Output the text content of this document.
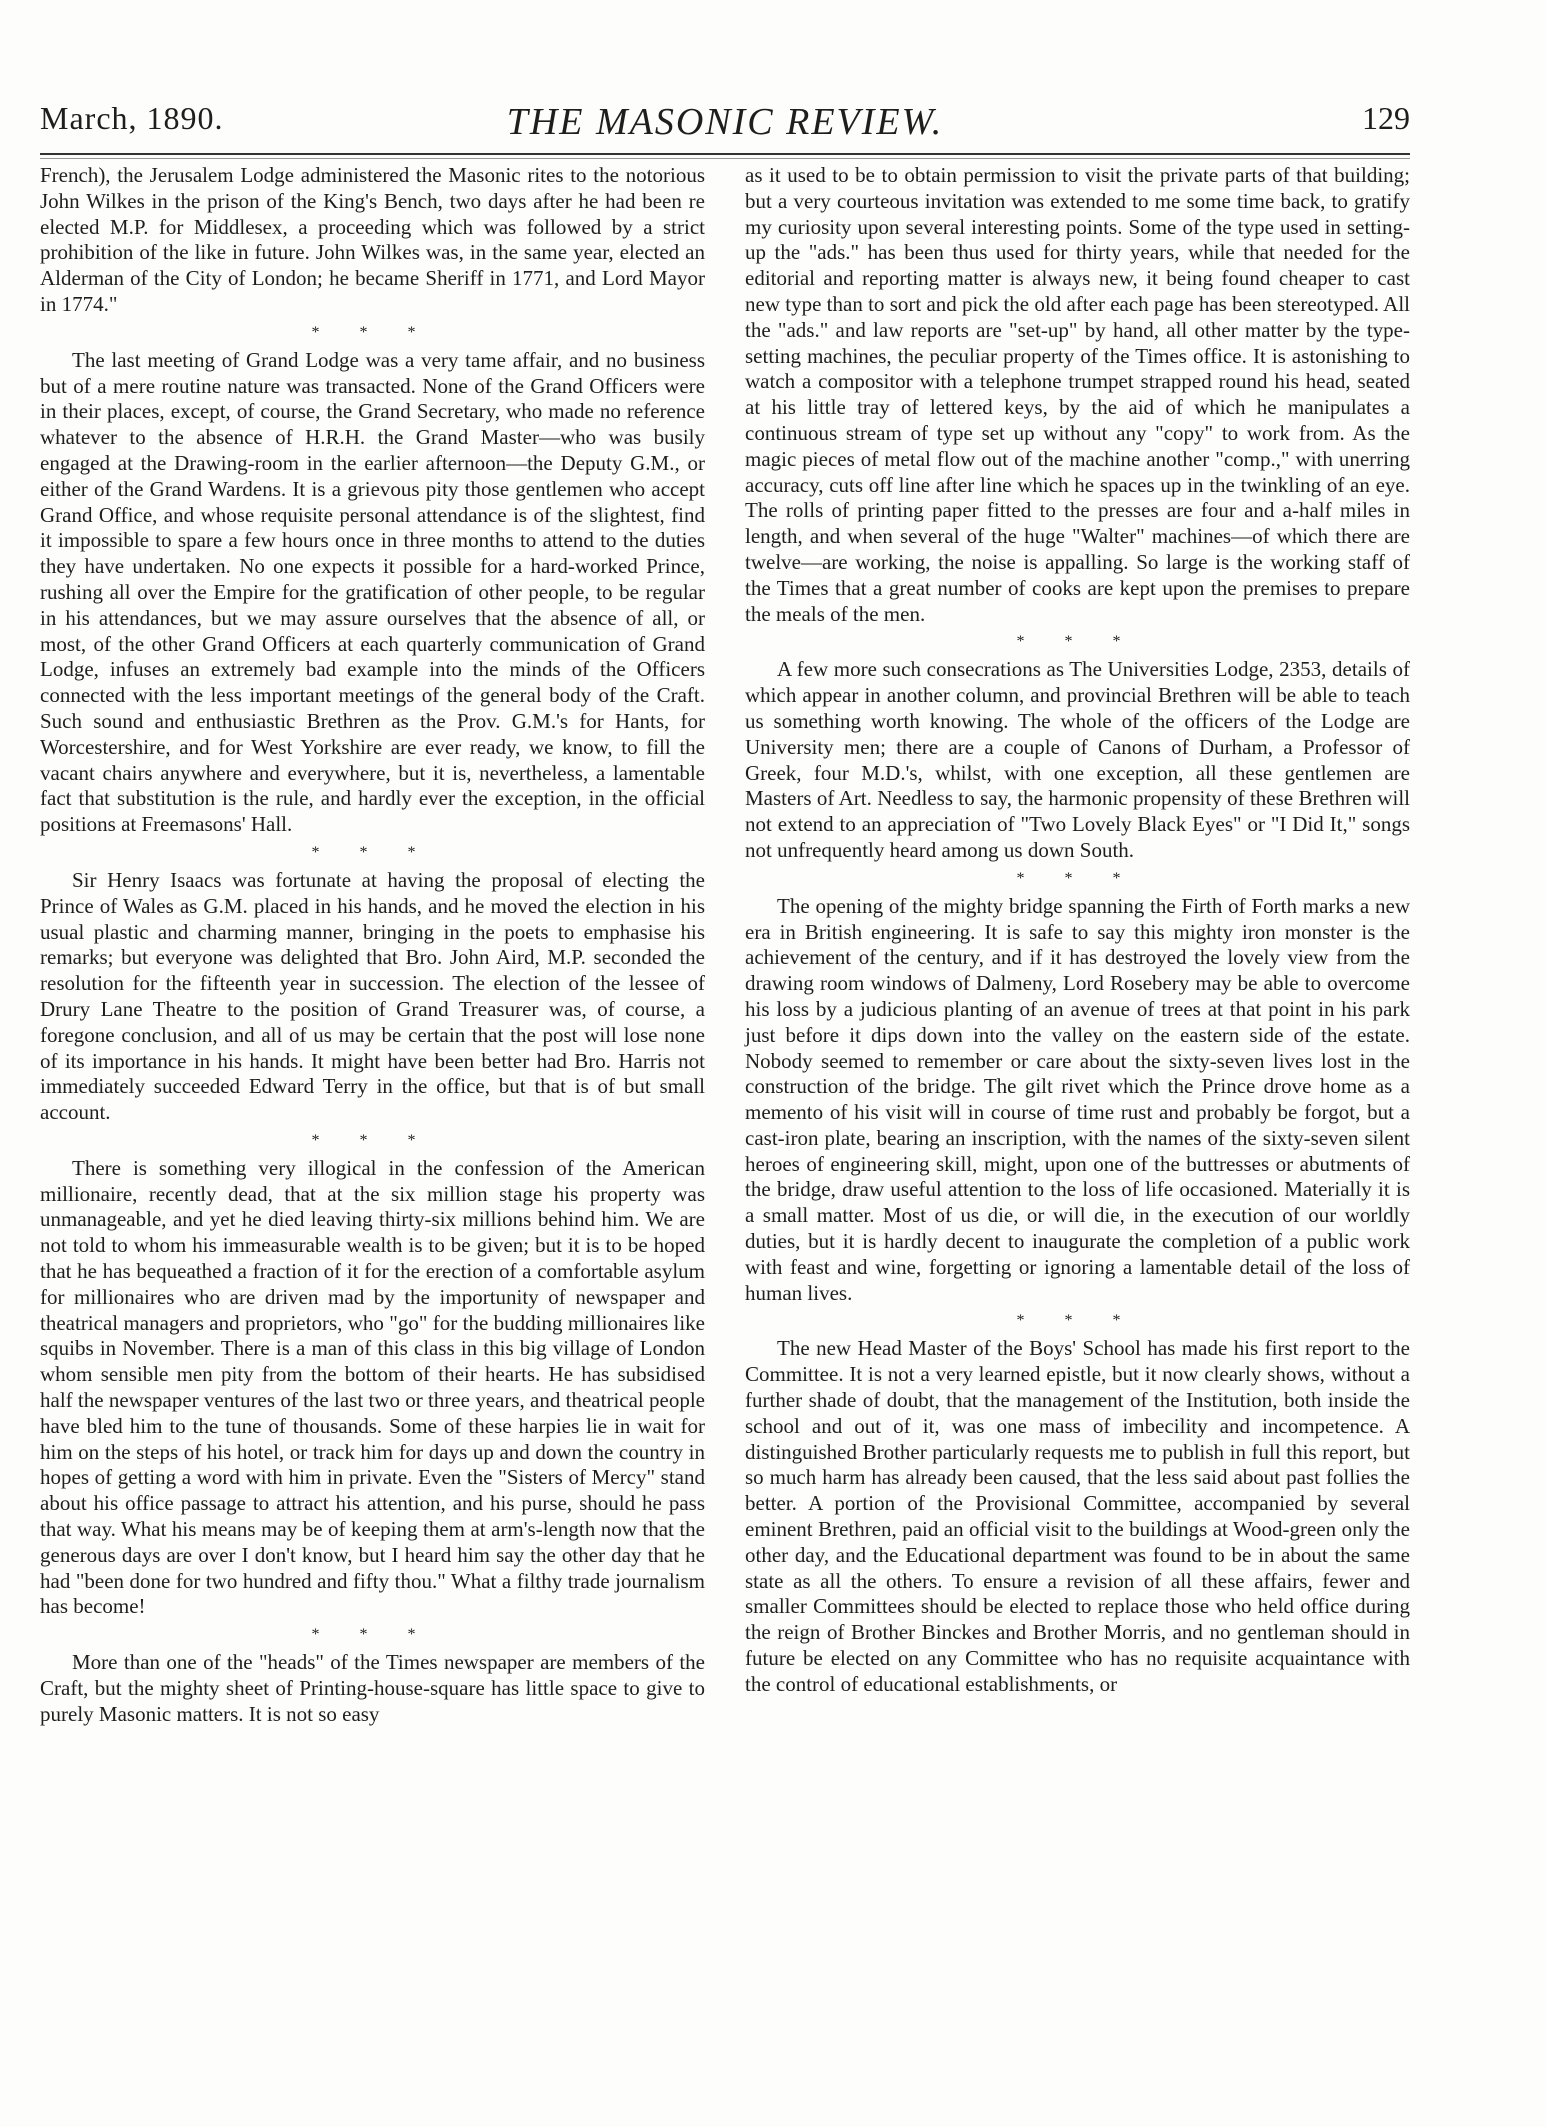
March, 1890.	THE MASONIC REVIEW.	129

French), the Jerusalem Lodge administered the Masonic rites to the notorious John Wilkes in the prison of the King's Bench, two days after he had been re elected M.P. for Middlesex, a proceeding which was followed by a strict prohibition of the like in future. John Wilkes was, in the same year, elected an Alderman of the City of London; he became Sheriff in 1771, and Lord Mayor in 1774."

* * *

The last meeting of Grand Lodge was a very tame affair, and no business but of a mere routine nature was transacted. None of the Grand Officers were in their places, except, of course, the Grand Secretary, who made no reference whatever to the absence of H.R.H. the Grand Master—who was busily engaged at the Drawing-room in the earlier afternoon—the Deputy G.M., or either of the Grand Wardens. It is a grievous pity those gentlemen who accept Grand Office, and whose requisite personal attendance is of the slightest, find it impossible to spare a few hours once in three months to attend to the duties they have undertaken. No one expects it possible for a hard-worked Prince, rushing all over the Empire for the gratification of other people, to be regular in his attendances, but we may assure ourselves that the absence of all, or most, of the other Grand Officers at each quarterly communication of Grand Lodge, infuses an extremely bad example into the minds of the Officers connected with the less important meetings of the general body of the Craft. Such sound and enthusiastic Brethren as the Prov. G.M.'s for Hants, for Worcestershire, and for West Yorkshire are ever ready, we know, to fill the vacant chairs anywhere and everywhere, but it is, nevertheless, a lamentable fact that substitution is the rule, and hardly ever the exception, in the official positions at Freemasons' Hall.

* * *

Sir Henry Isaacs was fortunate at having the proposal of electing the Prince of Wales as G.M. placed in his hands, and he moved the election in his usual plastic and charming manner, bringing in the poets to emphasise his remarks; but everyone was delighted that Bro. John Aird, M.P. seconded the resolution for the fifteenth year in succession. The election of the lessee of Drury Lane Theatre to the position of Grand Treasurer was, of course, a foregone conclusion, and all of us may be certain that the post will lose none of its importance in his hands. It might have been better had Bro. Harris not immediately succeeded Edward Terry in the office, but that is of but small account.

* * *

There is something very illogical in the confession of the American millionaire, recently dead, that at the six million stage his property was unmanageable, and yet he died leaving thirty-six millions behind him. We are not told to whom his immeasurable wealth is to be given; but it is to be hoped that he has bequeathed a fraction of it for the erection of a comfortable asylum for millionaires who are driven mad by the importunity of newspaper and theatrical managers and proprietors, who "go" for the budding millionaires like squibs in November. There is a man of this class in this big village of London whom sensible men pity from the bottom of their hearts. He has subsidised half the newspaper ventures of the last two or three years, and theatrical people have bled him to the tune of thousands. Some of these harpies lie in wait for him on the steps of his hotel, or track him for days up and down the country in hopes of getting a word with him in private. Even the "Sisters of Mercy" stand about his office passage to attract his attention, and his purse, should he pass that way. What his means may be of keeping them at arm's-length now that the generous days are over I don't know, but I heard him say the other day that he had "been done for two hundred and fifty thou." What a filthy trade journalism has become!

* * *

More than one of the "heads" of the Times newspaper are members of the Craft, but the mighty sheet of Printing-house-square has little space to give to purely Masonic matters. It is not so easy

as it used to be to obtain permission to visit the private parts of that building; but a very courteous invitation was extended to me some time back, to gratify my curiosity upon several interesting points. Some of the type used in setting-up the "ads." has been thus used for thirty years, while that needed for the editorial and reporting matter is always new, it being found cheaper to cast new type than to sort and pick the old after each page has been stereotyped. All the "ads." and law reports are "set-up" by hand, all other matter by the type-setting machines, the peculiar property of the Times office. It is astonishing to watch a compositor with a telephone trumpet strapped round his head, seated at his little tray of lettered keys, by the aid of which he manipulates a continuous stream of type set up without any "copy" to work from. As the magic pieces of metal flow out of the machine another "comp.," with unerring accuracy, cuts off line after line which he spaces up in the twinkling of an eye. The rolls of printing paper fitted to the presses are four and a-half miles in length, and when several of the huge "Walter" machines—of which there are twelve—are working, the noise is appalling. So large is the working staff of the Times that a great number of cooks are kept upon the premises to prepare the meals of the men.

* * *

A few more such consecrations as The Universities Lodge, 2353, details of which appear in another column, and provincial Brethren will be able to teach us something worth knowing. The whole of the officers of the Lodge are University men; there are a couple of Canons of Durham, a Professor of Greek, four M.D.'s, whilst, with one exception, all these gentlemen are Masters of Art. Needless to say, the harmonic propensity of these Brethren will not extend to an appreciation of "Two Lovely Black Eyes" or "I Did It," songs not unfrequently heard among us down South.

* * *

The opening of the mighty bridge spanning the Firth of Forth marks a new era in British engineering. It is safe to say this mighty iron monster is the achievement of the century, and if it has destroyed the lovely view from the drawing room windows of Dalmeny, Lord Rosebery may be able to overcome his loss by a judicious planting of an avenue of trees at that point in his park just before it dips down into the valley on the eastern side of the estate. Nobody seemed to remember or care about the sixty-seven lives lost in the construction of the bridge. The gilt rivet which the Prince drove home as a memento of his visit will in course of time rust and probably be forgot, but a cast-iron plate, bearing an inscription, with the names of the sixty-seven silent heroes of engineering skill, might, upon one of the buttresses or abutments of the bridge, draw useful attention to the loss of life occasioned. Materially it is a small matter. Most of us die, or will die, in the execution of our worldly duties, but it is hardly decent to inaugurate the completion of a public work with feast and wine, forgetting or ignoring a lamentable detail of the loss of human lives.

* * *

The new Head Master of the Boys' School has made his first report to the Committee. It is not a very learned epistle, but it now clearly shows, without a further shade of doubt, that the management of the Institution, both inside the school and out of it, was one mass of imbecility and incompetence. A distinguished Brother particularly requests me to publish in full this report, but so much harm has already been caused, that the less said about past follies the better. A portion of the Provisional Committee, accompanied by several eminent Brethren, paid an official visit to the buildings at Wood-green only the other day, and the Educational department was found to be in about the same state as all the others. To ensure a revision of all these affairs, fewer and smaller Committees should be elected to replace those who held office during the reign of Brother Binckes and Brother Morris, and no gentleman should in future be elected on any Committee who has no requisite acquaintance with the control of educational establishments, or
